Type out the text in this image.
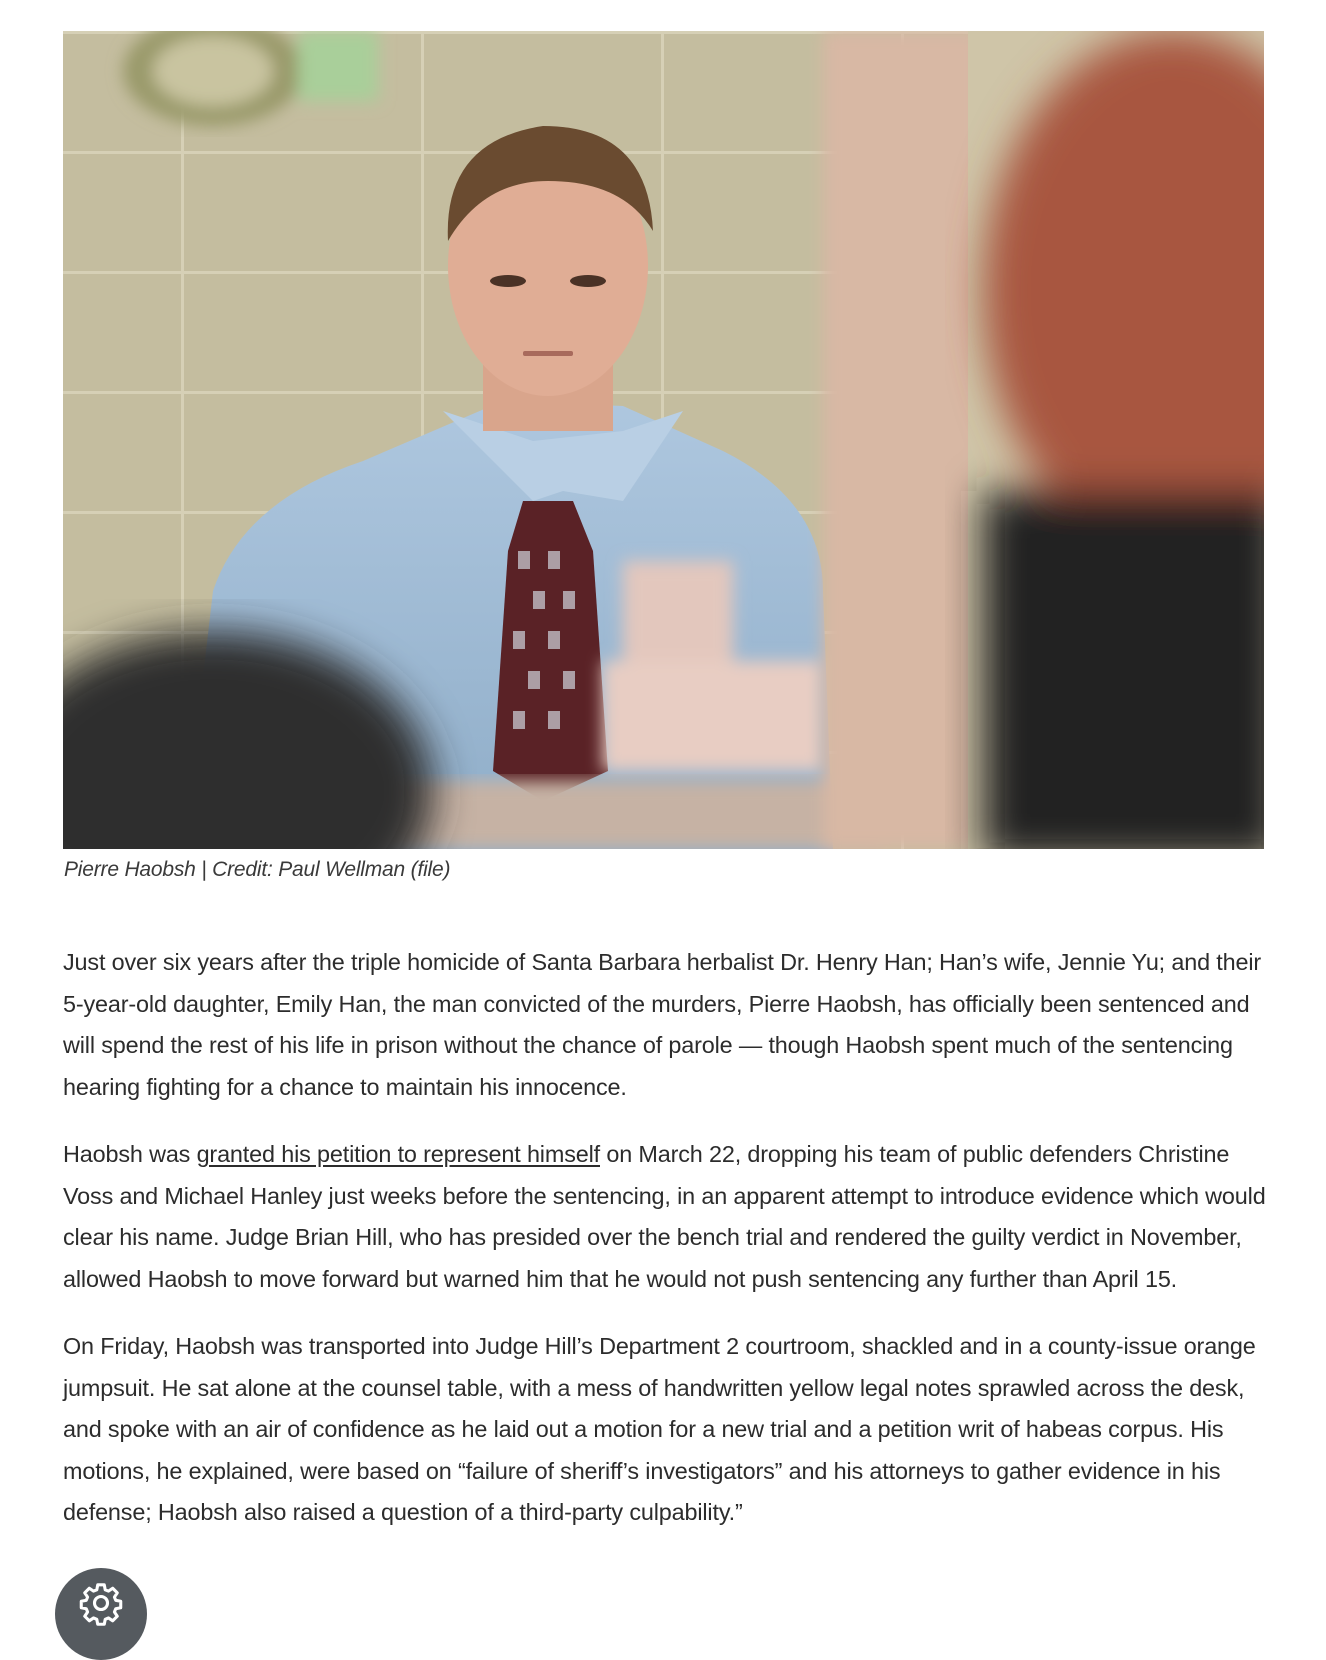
Pierre Haobsh | Credit: Paul Wellman (file)

Just over six years after the triple homicide of Santa Barbara herbalist Dr. Henry Han; Han’s wife, Jennie Yu; and their 5-year-old daughter, Emily Han, the man convicted of the murders, Pierre Haobsh, has officially been sentenced and will spend the rest of his life in prison without the chance of parole — though Haobsh spent much of the sentencing hearing fighting for a chance to maintain his innocence.

Haobsh was granted his petition to represent himself on March 22, dropping his team of public defenders Christine Voss and Michael Hanley just weeks before the sentencing, in an apparent attempt to introduce evidence which would clear his name. Judge Brian Hill, who has presided over the bench trial and rendered the guilty verdict in November, allowed Haobsh to move forward but warned him that he would not push sentencing any further than April 15.

On Friday, Haobsh was transported into Judge Hill’s Department 2 courtroom, shackled and in a county-issue orange jumpsuit. He sat alone at the counsel table, with a mess of handwritten yellow legal notes sprawled across the desk, and spoke with an air of confidence as he laid out a motion for a new trial and a petition writ of habeas corpus. His motions, he explained, were based on “failure of sheriff’s investigators” and his attorneys to gather evidence in his defense; Haobsh also raised a question of a third-party culpability.”
